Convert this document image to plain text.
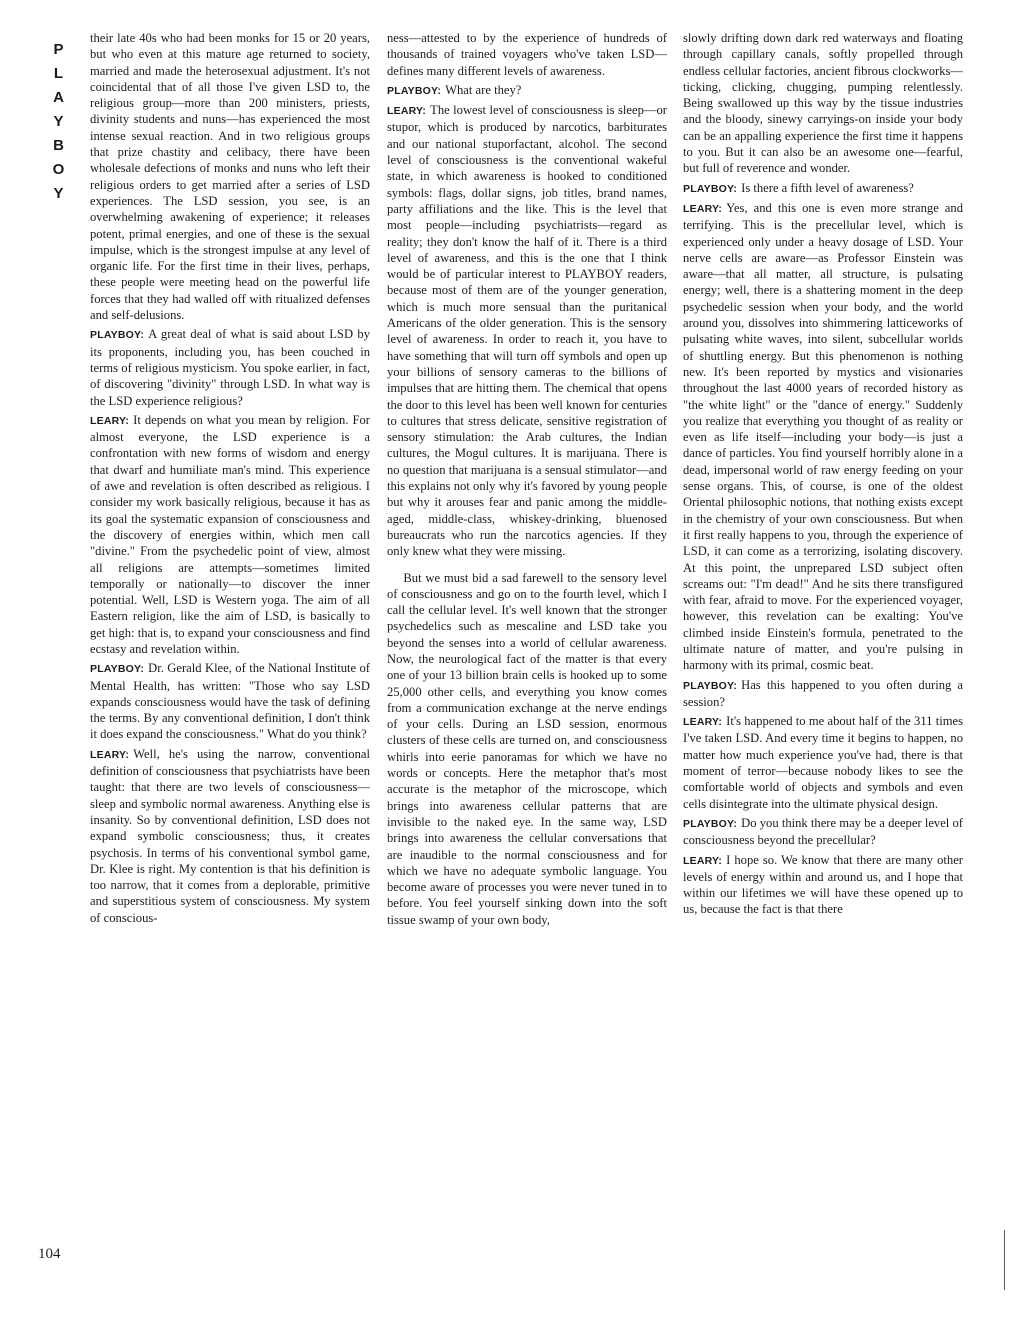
P
L
A
Y
B
O
Y
104

their late 40s who had been monks for 15 or 20 years, but who even at this mature age returned to society, married and made the heterosexual adjustment. It's not coincidental that of all those I've given LSD to, the religious group—more than 200 ministers, priests, divinity students and nuns—has experienced the most intense sexual reaction. And in two religious groups that prize chastity and celibacy, there have been wholesale defections of monks and nuns who left their religious orders to get married after a series of LSD experiences. The LSD session, you see, is an overwhelming awakening of experience; it releases potent, primal energies, and one of these is the sexual impulse, which is the strongest impulse at any level of organic life. For the first time in their lives, perhaps, these people were meeting head on the powerful life forces that they had walled off with ritualized defenses and self-delusions.

PLAYBOY: A great deal of what is said about LSD by its proponents, including you, has been couched in terms of religious mysticism. You spoke earlier, in fact, of discovering "divinity" through LSD. In what way is the LSD experience religious?

LEARY: It depends on what you mean by religion. For almost everyone, the LSD experience is a confrontation with new forms of wisdom and energy that dwarf and humiliate man's mind. This experience of awe and revelation is often described as religious. I consider my work basically religious, because it has as its goal the systematic expansion of consciousness and the discovery of energies within, which men call "divine." From the psychedelic point of view, almost all religions are attempts—sometimes limited temporally or nationally—to discover the inner potential. Well, LSD is Western yoga. The aim of all Eastern religion, like the aim of LSD, is basically to get high: that is, to expand your consciousness and find ecstasy and revelation within.

PLAYBOY: Dr. Gerald Klee, of the National Institute of Mental Health, has written: "Those who say LSD expands consciousness would have the task of defining the terms. By any conventional definition, I don't think it does expand the consciousness." What do you think?

LEARY: Well, he's using the narrow, conventional definition of consciousness that psychiatrists have been taught: that there are two levels of consciousness—sleep and symbolic normal awareness. Anything else is insanity. So by conventional definition, LSD does not expand symbolic consciousness; thus, it creates psychosis. In terms of his conventional symbol game, Dr. Klee is right. My contention is that his definition is too narrow, that it comes from a deplorable, primitive and superstitious system of consciousness. My system of conscious-

ness—attested to by the experience of hundreds of thousands of trained voyagers who've taken LSD—defines many different levels of awareness.

PLAYBOY: What are they?

LEARY: The lowest level of consciousness is sleep—or stupor, which is produced by narcotics, barbiturates and our national stuporfactant, alcohol. The second level of consciousness is the conventional wakeful state, in which awareness is hooked to conditioned symbols: flags, dollar signs, job titles, brand names, party affiliations and the like. This is the level that most people—including psychiatrists—regard as reality; they don't know the half of it. There is a third level of awareness, and this is the one that I think would be of particular interest to PLAYBOY readers, because most of them are of the younger generation, which is much more sensual than the puritanical Americans of the older generation. This is the sensory level of awareness. In order to reach it, you have to have something that will turn off symbols and open up your billions of sensory cameras to the billions of impulses that are hitting them. The chemical that opens the door to this level has been well known for centuries to cultures that stress delicate, sensitive registration of sensory stimulation: the Arab cultures, the Indian cultures, the Mogul cultures. It is marijuana. There is no question that marijuana is a sensual stimulator—and this explains not only why it's favored by young people but why it arouses fear and panic among the middle-aged, middle-class, whiskey-drinking, bluenosed bureaucrats who run the narcotics agencies. If they only knew what they were missing.

But we must bid a sad farewell to the sensory level of consciousness and go on to the fourth level, which I call the cellular level. It's well known that the stronger psychedelics such as mescaline and LSD take you beyond the senses into a world of cellular awareness. Now, the neurological fact of the matter is that every one of your 13 billion brain cells is hooked up to some 25,000 other cells, and everything you know comes from a communication exchange at the nerve endings of your cells. During an LSD session, enormous clusters of these cells are turned on, and consciousness whirls into eerie panoramas for which we have no words or concepts. Here the metaphor that's most accurate is the metaphor of the microscope, which brings into awareness cellular patterns that are invisible to the naked eye. In the same way, LSD brings into awareness the cellular conversations that are inaudible to the normal consciousness and for which we have no adequate symbolic language. You become aware of processes you were never tuned in to before. You feel yourself sinking down into the soft tissue swamp of your own body,

slowly drifting down dark red waterways and floating through capillary canals, softly propelled through endless cellular factories, ancient fibrous clockworks—ticking, clicking, chugging, pumping relentlessly. Being swallowed up this way by the tissue industries and the bloody, sinewy carryings-on inside your body can be an appalling experience the first time it happens to you. But it can also be an awesome one—fearful, but full of reverence and wonder.

PLAYBOY: Is there a fifth level of awareness?

LEARY: Yes, and this one is even more strange and terrifying. This is the precellular level, which is experienced only under a heavy dosage of LSD. Your nerve cells are aware—as Professor Einstein was aware—that all matter, all structure, is pulsating energy; well, there is a shattering moment in the deep psychedelic session when your body, and the world around you, dissolves into shimmering latticeworks of pulsating white waves, into silent, subcellular worlds of shuttling energy. But this phenomenon is nothing new. It's been reported by mystics and visionaries throughout the last 4000 years of recorded history as "the white light" or the "dance of energy." Suddenly you realize that everything you thought of as reality or even as life itself—including your body—is just a dance of particles. You find yourself horribly alone in a dead, impersonal world of raw energy feeding on your sense organs. This, of course, is one of the oldest Oriental philosophic notions, that nothing exists except in the chemistry of your own consciousness. But when it first really happens to you, through the experience of LSD, it can come as a terrorizing, isolating discovery. At this point, the unprepared LSD subject often screams out: "I'm dead!" And he sits there transfigured with fear, afraid to move. For the experienced voyager, however, this revelation can be exalting: You've climbed inside Einstein's formula, penetrated to the ultimate nature of matter, and you're pulsing in harmony with its primal, cosmic beat.

PLAYBOY: Has this happened to you often during a session?

LEARY: It's happened to me about half of the 311 times I've taken LSD. And every time it begins to happen, no matter how much experience you've had, there is that moment of terror—because nobody likes to see the comfortable world of objects and symbols and even cells disintegrate into the ultimate physical design.

PLAYBOY: Do you think there may be a deeper level of consciousness beyond the precellular?

LEARY: I hope so. We know that there are many other levels of energy within and around us, and I hope that within our lifetimes we will have these opened up to us, because the fact is that there
